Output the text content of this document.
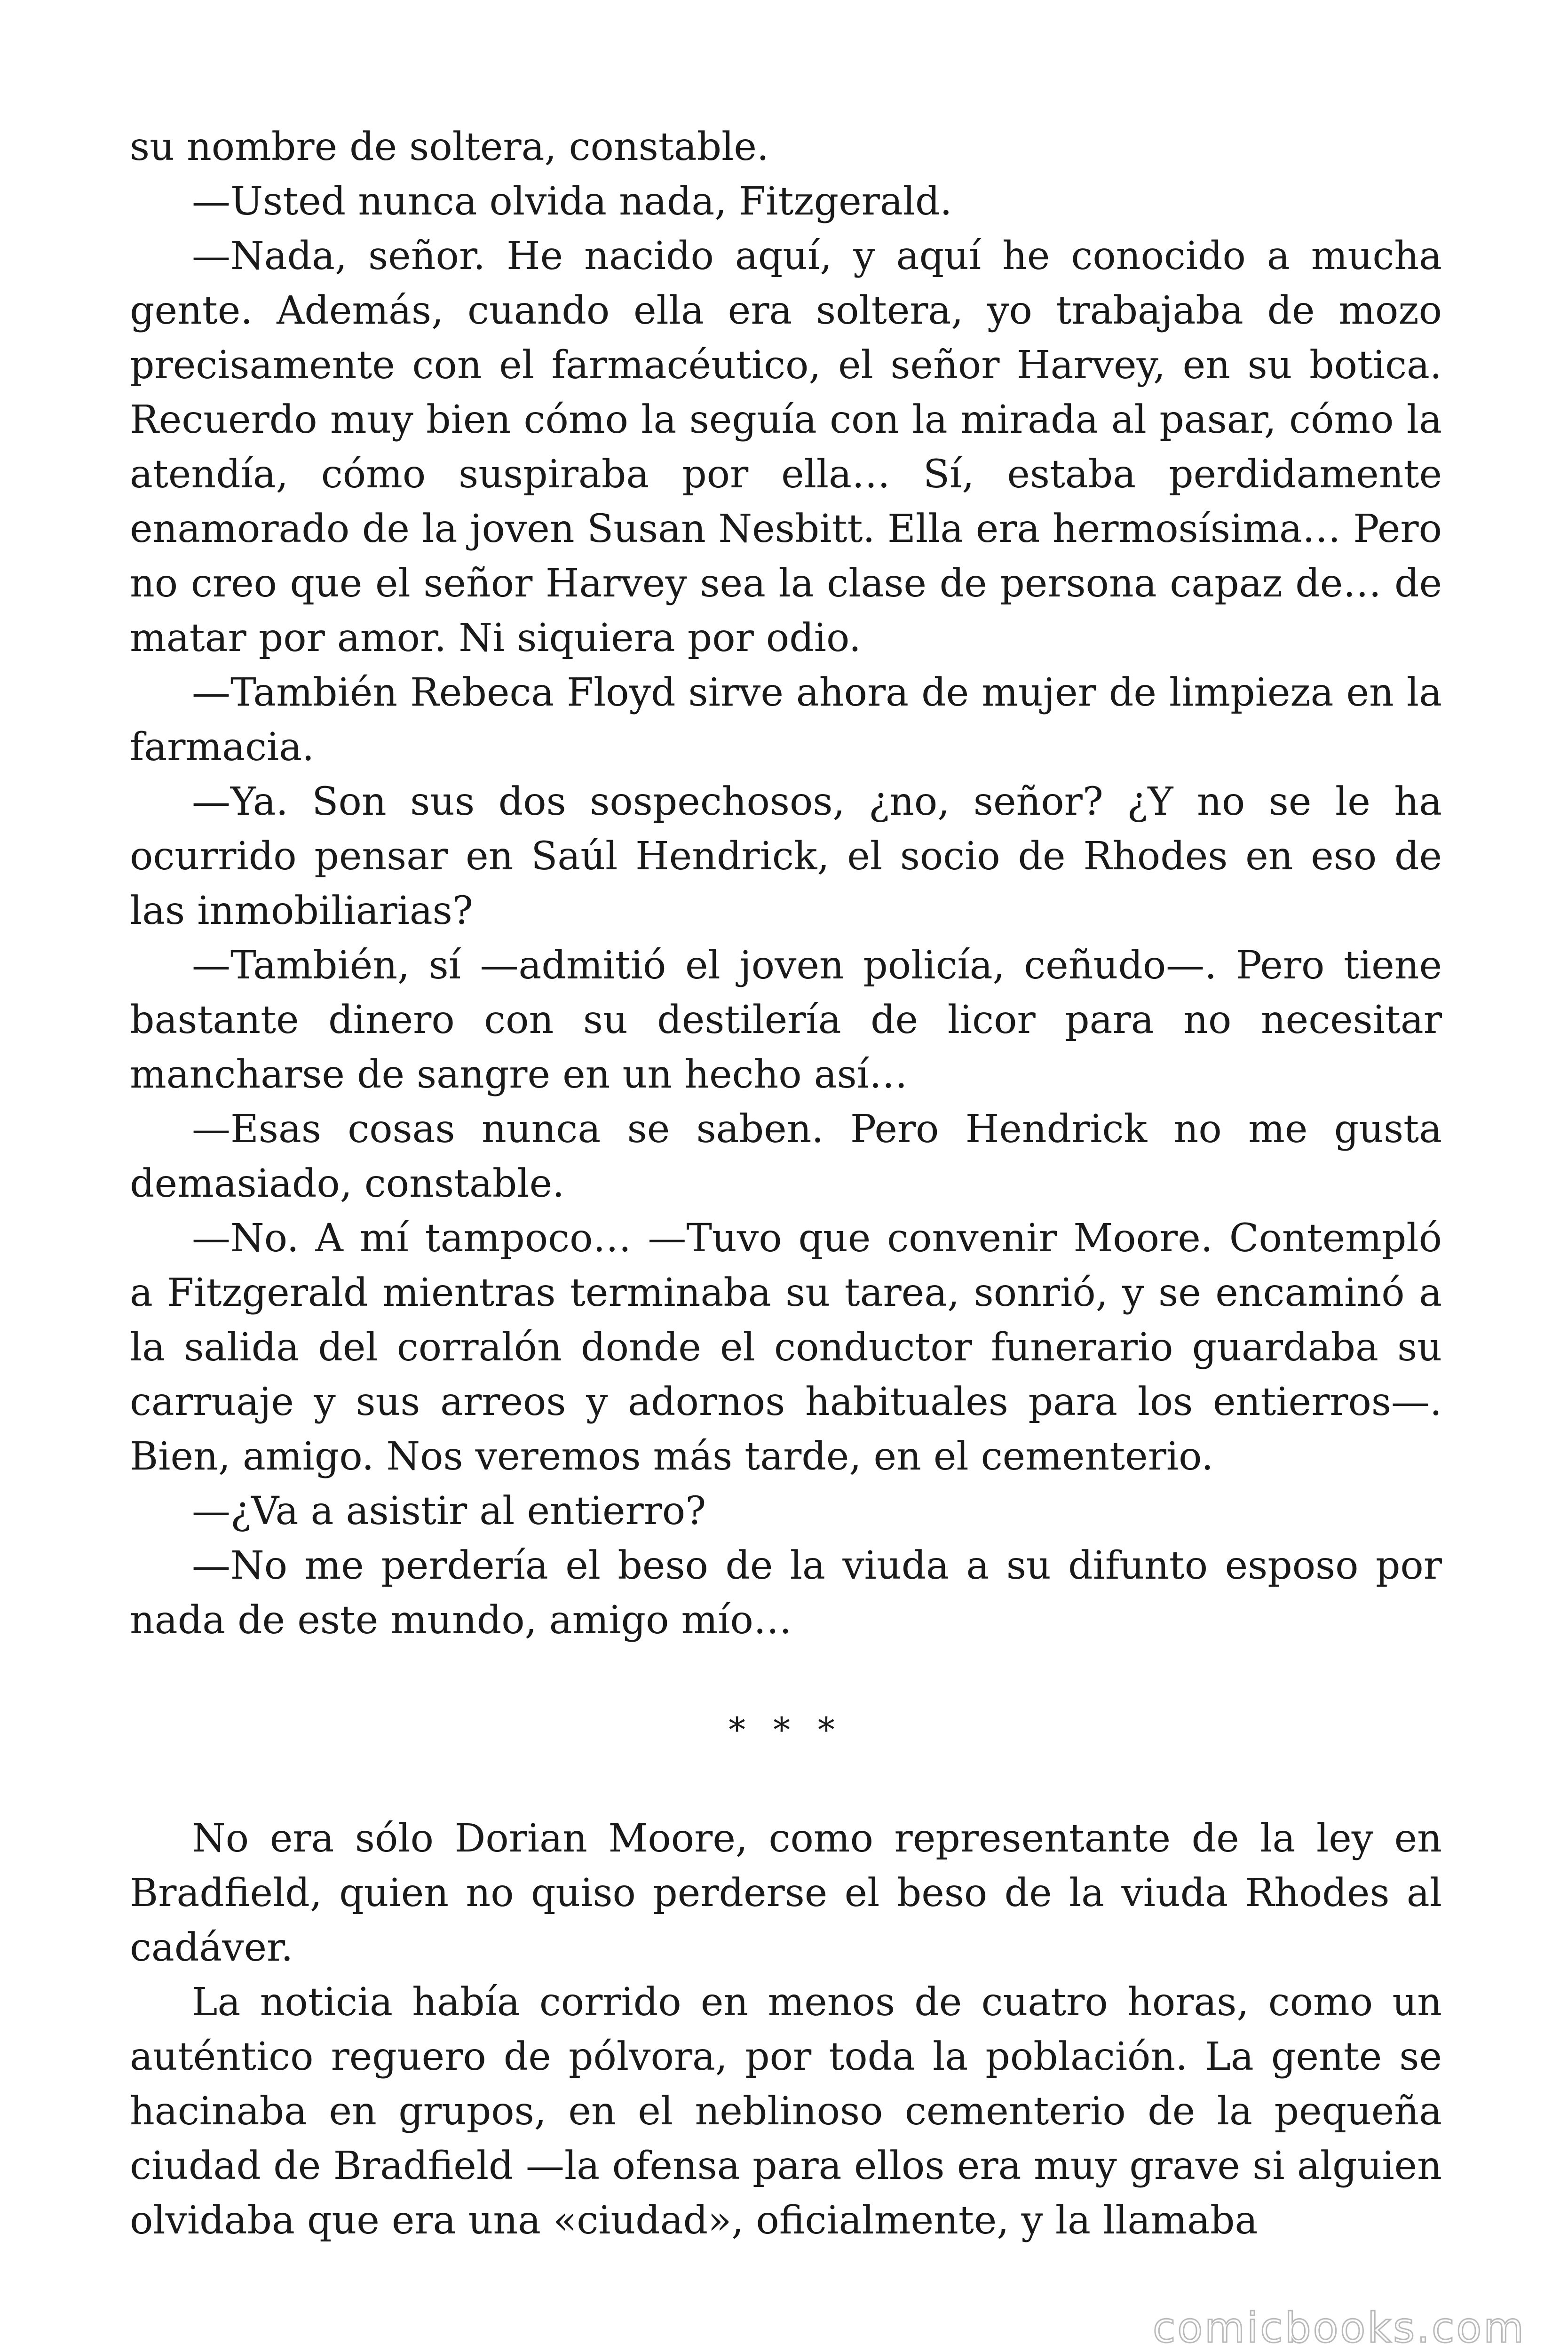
su nombre de soltera, constable.

—Usted nunca olvida nada, Fitzgerald.

—Nada, señor. He nacido aquí, y aquí he conocido a mucha gente. Además, cuando ella era soltera, yo trabajaba de mozo precisamente con el farmacéutico, el señor Harvey, en su botica. Recuerdo muy bien cómo la seguía con la mirada al pasar, cómo la atendía, cómo suspiraba por ella… Sí, estaba perdidamente enamorado de la joven Susan Nesbitt. Ella era hermosísima… Pero no creo que el señor Harvey sea la clase de persona capaz de… de matar por amor. Ni siquiera por odio.

—También Rebeca Floyd sirve ahora de mujer de limpieza en la farmacia.

—Ya. Son sus dos sospechosos, ¿no, señor? ¿Y no se le ha ocurrido pensar en Saúl Hendrick, el socio de Rhodes en eso de las inmobiliarias?

—También, sí —admitió el joven policía, ceñudo—. Pero tiene bastante dinero con su destilería de licor para no necesitar mancharse de sangre en un hecho así…

—Esas cosas nunca se saben. Pero Hendrick no me gusta demasiado, constable.

—No. A mí tampoco… —Tuvo que convenir Moore. Contempló a Fitzgerald mientras terminaba su tarea, sonrió, y se encaminó a la salida del corralón donde el conductor funerario guardaba su carruaje y sus arreos y adornos habituales para los entierros—. Bien, amigo. Nos veremos más tarde, en el cementerio.

—¿Va a asistir al entierro?

—No me perdería el beso de la viuda a su difunto esposo por nada de este mundo, amigo mío…

* * *

No era sólo Dorian Moore, como representante de la ley en Bradfield, quien no quiso perderse el beso de la viuda Rhodes al cadáver.

La noticia había corrido en menos de cuatro horas, como un auténtico reguero de pólvora, por toda la población. La gente se hacinaba en grupos, en el neblinoso cementerio de la pequeña ciudad de Bradfield —la ofensa para ellos era muy grave si alguien olvidaba que era una «ciudad», oficialmente, y la llamaba

comicbooks.com
